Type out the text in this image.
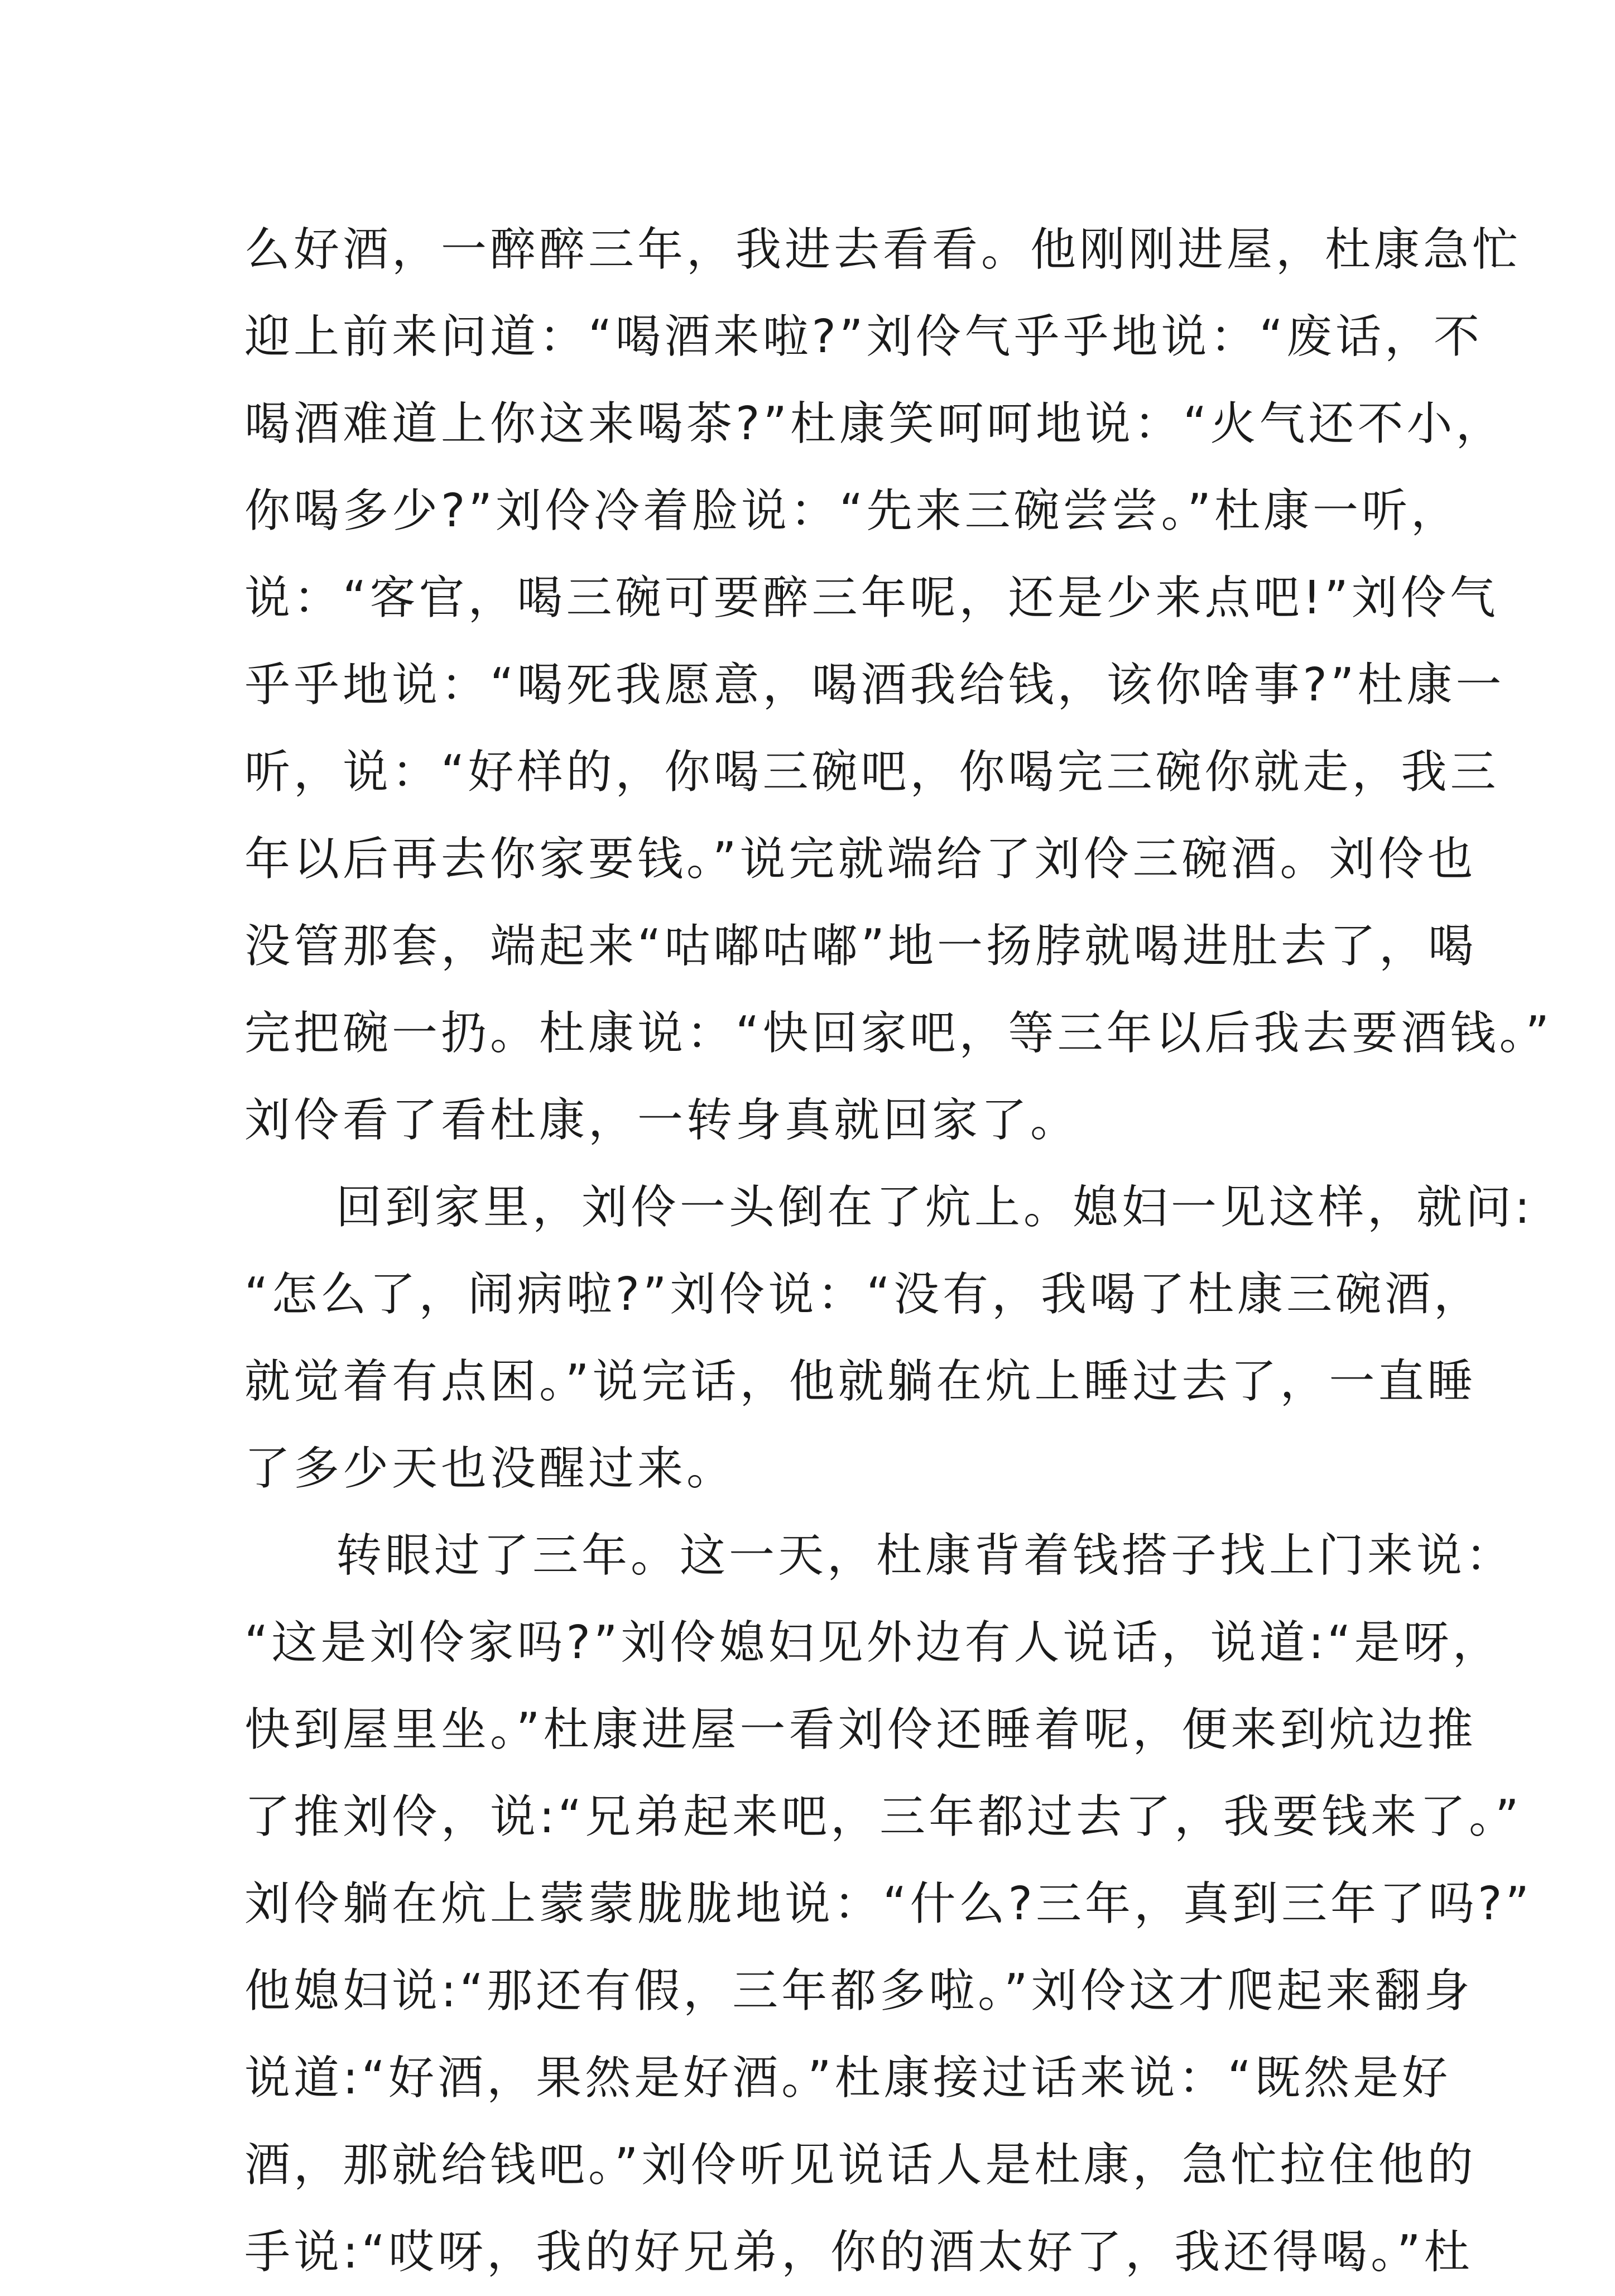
么好酒，一醉醉三年，我进去看看。他刚刚进屋，杜康急忙
迎上前来问道：“喝酒来啦?”刘伶气乎乎地说：“废话，不
喝酒难道上你这来喝茶?”杜康笑呵呵地说：“火气还不小，
你喝多少?”刘伶冷着脸说：“先来三碗尝尝。”杜康一听，
说：“客官，喝三碗可要醉三年呢，还是少来点吧!”刘伶气
乎乎地说：“喝死我愿意，喝酒我给钱，该你啥事?”杜康一
听，说：“好样的，你喝三碗吧，你喝完三碗你就走，我三
年以后再去你家要钱。”说完就端给了刘伶三碗酒。刘伶也
没管那套，端起来“咕嘟咕嘟”地一扬脖就喝进肚去了，喝
完把碗一扔。杜康说：“快回家吧，等三年以后我去要酒钱。”
刘伶看了看杜康，一转身真就回家了。
回到家里，刘伶一头倒在了炕上。媳妇一见这样，就问:
“怎么了，闹病啦?”刘伶说：“没有，我喝了杜康三碗酒，
就觉着有点困。”说完话，他就躺在炕上睡过去了，一直睡
了多少天也没醒过来。
转眼过了三年。这一天，杜康背着钱搭子找上门来说：
“这是刘伶家吗?”刘伶媳妇见外边有人说话，说道:“是呀，
快到屋里坐。”杜康进屋一看刘伶还睡着呢，便来到炕边推
了推刘伶，说:“兄弟起来吧，三年都过去了，我要钱来了。”
刘伶躺在炕上蒙蒙胧胧地说：“什么?三年，真到三年了吗?”
他媳妇说:“那还有假，三年都多啦。”刘伶这才爬起来翻身
说道:“好酒，果然是好酒。”杜康接过话来说：“既然是好
酒，那就给钱吧。”刘伶听见说话人是杜康，急忙拉住他的
手说:“哎呀，我的好兄弟，你的酒太好了，我还得喝。”杜
